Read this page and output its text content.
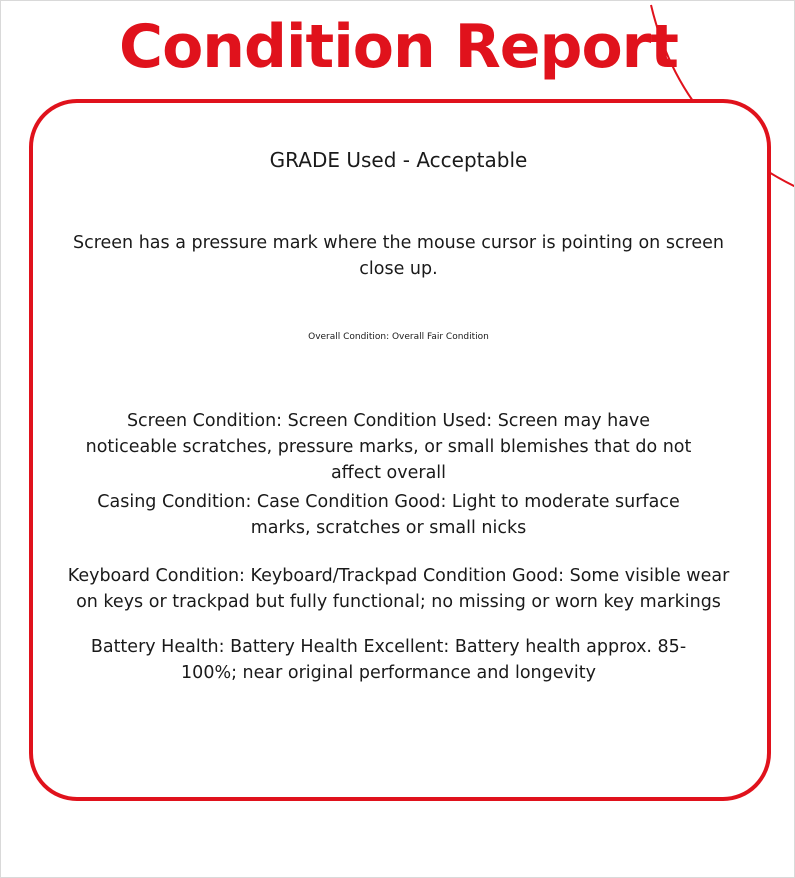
Condition Report
GRADE Used - Acceptable
Screen has a pressure mark where the mouse cursor is pointing on screen close up.
Overall Condition: Overall Fair Condition
Screen Condition: Screen Condition Used: Screen may have noticeable scratches, pressure marks, or small blemishes that do not affect overall
Casing Condition: Case Condition Good: Light to moderate surface marks, scratches or small nicks
Keyboard Condition: Keyboard/Trackpad Condition Good: Some visible wear on keys or trackpad but fully functional; no missing or worn key markings
Battery Health: Battery Health Excellent: Battery health approx. 85-100%; near original performance and longevity
